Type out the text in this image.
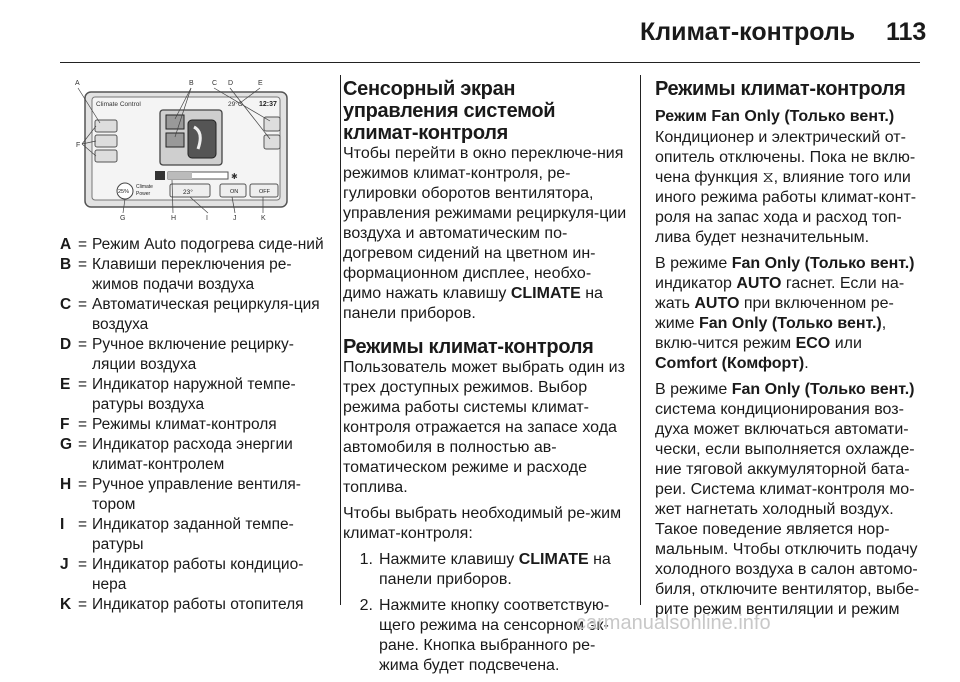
Климат-контроль 113
Climate Control	29°C 12:37
✱
25%
Climate
Power	23°	ON	OFF
A	B	C D	E
F
G	H	I	J	K
A = Режим Auto подогрева сиде-ний
B = Клавиши переключения ре-жимов подачи воздуха
C = Автоматическая рециркуля-ция воздуха
D = Ручное включение рецирку-ляции воздуха
E = Индикатор наружной темпе-ратуры воздуха
F = Режимы климат-контроля
G = Индикатор расхода энергии климат-контролем
H = Ручное управление вентиля-тором
I = Индикатор заданной темпе-ратуры
J = Индикатор работы кондицио-нера
K = Индикатор работы отопителя
Сенсорный экран управления системой климат-контроля

Чтобы перейти в окно переключе-ния режимов климат-контроля, ре-гулировки оборотов вентилятора, управления режимами рециркуля-ции воздуха и автоматическим по-догревом сидений на цветном ин-формационном дисплее, необхо-димо нажать клавишу CLIMATE на панели приборов.

Режимы климат-контроля

Пользователь может выбрать один из трех доступных режимов. Выбор режима работы системы климат-контроля отражается на запасе хода автомобиля в полностью ав-томатическом режиме и расходе топлива.

Чтобы выбрать необходимый ре-жим климат-контроля:

1. Нажмите клавишу CLIMATE на панели приборов.
2. Нажмите кнопку соответствую-щего режима на сенсорном эк-ране. Кнопка выбранного ре-жима будет подсвечена.
Режимы климат-контроля
Режим Fan Only (Только вент.)

Кондиционер и электрический от-опитель отключены. Пока не вклю-чена функция ⧖, влияние того или иного режима работы климат-конт-роля на запас хода и расход топ-лива будет незначительным.

В режиме Fan Only (Только вент.) индикатор AUTO гаснет. Если на-жать AUTO при включенном ре-жиме Fan Only (Только вент.), вклю-чится режим ECO или Comfort (Комфорт).

В режиме Fan Only (Только вент.) система кондиционирования воз-духа может включаться автомати-чески, если выполняется охлажде-ние тяговой аккумуляторной бата-реи. Система климат-контроля мо-жет нагнетать холодный воздух. Такое поведение является нор-мальным. Чтобы отключить подачу холодного воздуха в салон автомо-биля, отключите вентилятор, выбе-рите режим вентиляции и режим

carmanualsonline.info
